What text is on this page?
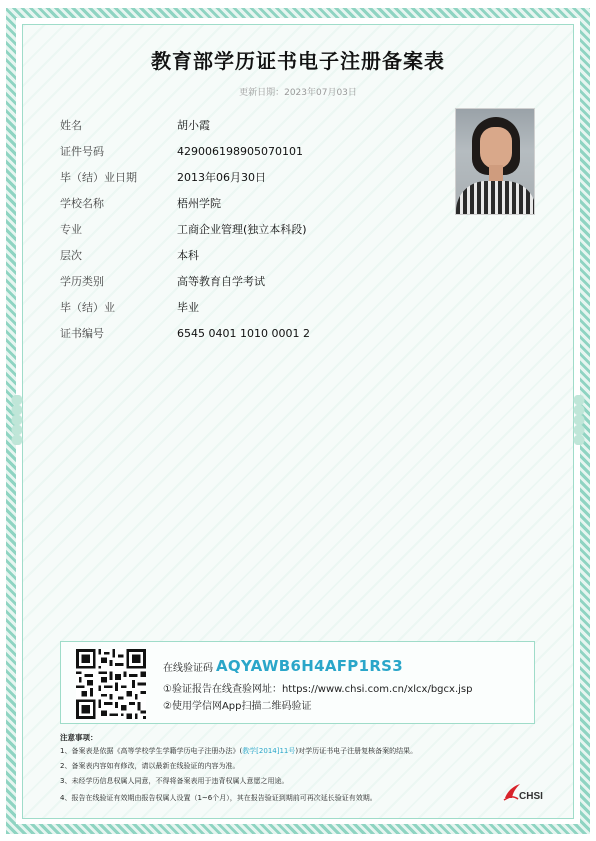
教育部学历证书电子注册备案表
更新日期：2023年07月03日
姓名	胡小霞
证件号码	429006198905070101
毕（结）业日期	2013年06月30日
学校名称	梧州学院
专业	工商企业管理(独立本科段)
层次	本科
学历类别	高等教育自学考试
毕（结）业	毕业
证书编号	6545 0401 1010 0001 2
在线验证码 AQYAWB6H4AFP1RS3
①验证报告在线查验网址：https://www.chsi.com.cn/xlcx/bgcx.jsp
②使用学信网App扫描二维码验证
注意事项：
1、备案表是依据《高等学校学生学籍学历电子注册办法》(教学[2014]11号)对学历证书电子注册复核备案的结果。
2、备案表内容如有修改，请以最新在线验证的内容为准。
3、未经学历信息权属人同意，不得将备案表用于违背权属人意愿之用途。
4、报告在线验证有效期由报告权属人设置（1~6个月），其在报告验证到期前可再次延长验证有效期。	CHSI
